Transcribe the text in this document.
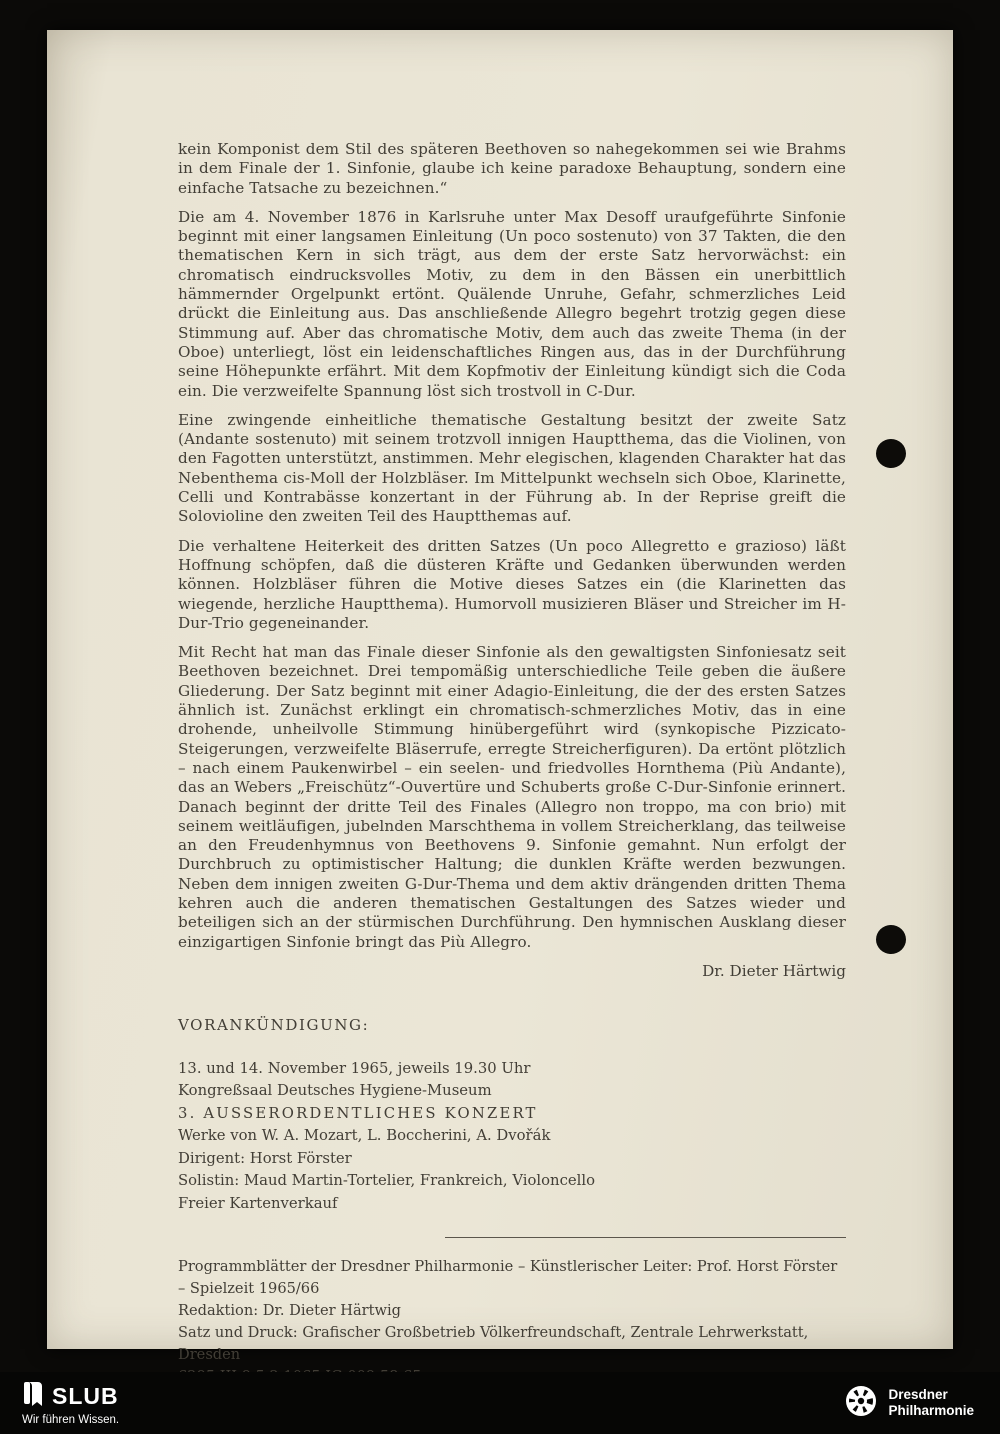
kein Komponist dem Stil des späteren Beethoven so nahegekommen sei wie Brahms in dem Finale der 1. Sinfonie, glaube ich keine paradoxe Behauptung, sondern eine einfache Tatsache zu bezeichnen.“

Die am 4. November 1876 in Karlsruhe unter Max Desoff uraufgeführte Sinfonie beginnt mit einer langsamen Einleitung (Un poco sostenuto) von 37 Takten, die den thematischen Kern in sich trägt, aus dem der erste Satz hervorwächst: ein chromatisch eindrucksvolles Motiv, zu dem in den Bässen ein unerbittlich hämmernder Orgelpunkt ertönt. Quälende Unruhe, Gefahr, schmerzliches Leid drückt die Einleitung aus. Das anschließende Allegro begehrt trotzig gegen diese Stimmung auf. Aber das chromatische Motiv, dem auch das zweite Thema (in der Oboe) unterliegt, löst ein leidenschaftliches Ringen aus, das in der Durchführung seine Höhepunkte erfährt. Mit dem Kopfmotiv der Einleitung kündigt sich die Coda ein. Die verzweifelte Spannung löst sich trostvoll in C-Dur.

Eine zwingende einheitliche thematische Gestaltung besitzt der zweite Satz (Andante sostenuto) mit seinem trotzvoll innigen Hauptthema, das die Violinen, von den Fagotten unterstützt, anstimmen. Mehr elegischen, klagenden Charakter hat das Nebenthema cis-Moll der Holzbläser. Im Mittelpunkt wechseln sich Oboe, Klarinette, Celli und Kontrabässe konzertant in der Führung ab. In der Reprise greift die Solovioline den zweiten Teil des Hauptthemas auf.

Die verhaltene Heiterkeit des dritten Satzes (Un poco Allegretto e grazioso) läßt Hoffnung schöpfen, daß die düsteren Kräfte und Gedanken überwunden werden können. Holzbläser führen die Motive dieses Satzes ein (die Klarinetten das wiegende, herzliche Hauptthema). Humorvoll musizieren Bläser und Streicher im H-Dur-Trio gegeneinander.

Mit Recht hat man das Finale dieser Sinfonie als den gewaltigsten Sinfoniesatz seit Beethoven bezeichnet. Drei tempomäßig unterschiedliche Teile geben die äußere Gliederung. Der Satz beginnt mit einer Adagio-Einleitung, die der des ersten Satzes ähnlich ist. Zunächst erklingt ein chromatisch-schmerzliches Motiv, das in eine drohende, unheilvolle Stimmung hinübergeführt wird (synkopische Pizzicato-Steigerungen, verzweifelte Bläserrufe, erregte Streicherfiguren). Da ertönt plötzlich – nach einem Paukenwirbel – ein seelen- und friedvolles Hornthema (Più Andante), das an Webers „Freischütz“-Ouvertüre und Schuberts große C-Dur-Sinfonie erinnert. Danach beginnt der dritte Teil des Finales (Allegro non troppo, ma con brio) mit seinem weitläufigen, jubelnden Marschthema in vollem Streicherklang, das teilweise an den Freudenhymnus von Beethovens 9. Sinfonie gemahnt. Nun erfolgt der Durchbruch zu optimistischer Haltung; die dunklen Kräfte werden bezwungen. Neben dem innigen zweiten G-Dur-Thema und dem aktiv drängenden dritten Thema kehren auch die anderen thematischen Gestaltungen des Satzes wieder und beteiligen sich an der stürmischen Durchführung. Den hymnischen Ausklang dieser einzigartigen Sinfonie bringt das Più Allegro.

Dr. Dieter Härtwig

VORANKÜNDIGUNG:

13. und 14. November 1965, jeweils 19.30 Uhr

Kongreßsaal Deutsches Hygiene-Museum

3. AUSSERORDENTLICHES KONZERT

Werke von W. A. Mozart, L. Boccherini, A. Dvořák

Dirigent: Horst Förster

Solistin: Maud Martin-Tortelier, Frankreich, Violoncello

Freier Kartenverkauf

Programmblätter der Dresdner Philharmonie – Künstlerischer Leiter: Prof. Horst Förster – Spielzeit 1965/66

Redaktion: Dr. Dieter Härtwig

Satz und Druck: Grafischer Großbetrieb Völkerfreundschaft, Zentrale Lehrwerkstatt, Dresden

SLUB
Wir führen Wissen.
Dresdner
Philharmonie
